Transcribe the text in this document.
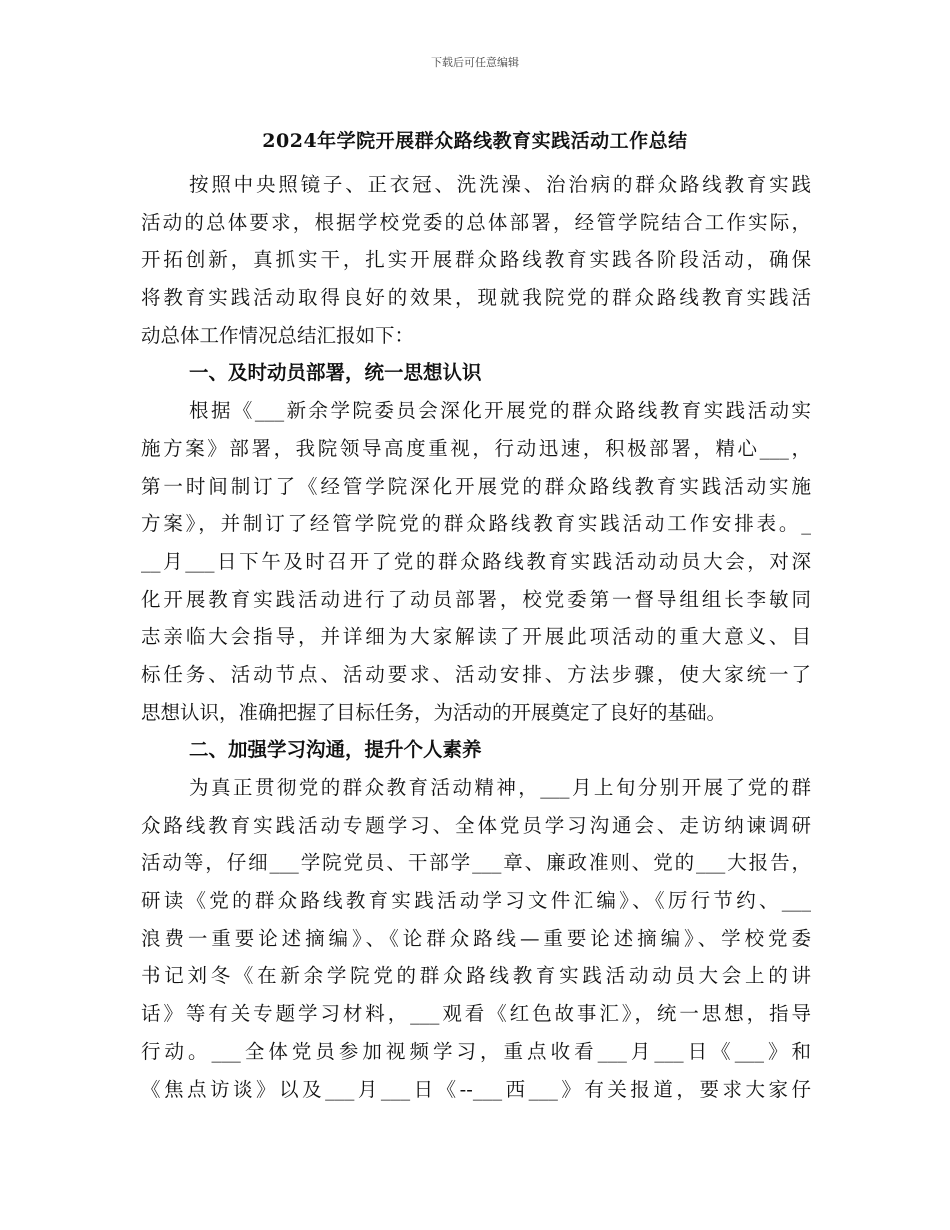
下载后可任意编辑
2024年学院开展群众路线教育实践活动工作总结
按照中央照镜子、正衣冠、洗洗澡、治治病的群众路线教育实践
活动的总体要求，根据学校党委的总体部署，经管学院结合工作实际，
开拓创新，真抓实干，扎实开展群众路线教育实践各阶段活动，确保
将教育实践活动取得良好的效果，现就我院党的群众路线教育实践活
动总体工作情况总结汇报如下：
一、及时动员部署，统一思想认识
根据《___新余学院委员会深化开展党的群众路线教育实践活动实
施方案》部署，我院领导高度重视，行动迅速，积极部署，精心___，
第一时间制订了《经管学院深化开展党的群众路线教育实践活动实施
方案》，并制订了经管学院党的群众路线教育实践活动工作安排表。_
__月___日下午及时召开了党的群众路线教育实践活动动员大会，对深
化开展教育实践活动进行了动员部署，校党委第一督导组组长李敏同
志亲临大会指导，并详细为大家解读了开展此项活动的重大意义、目
标任务、活动节点、活动要求、活动安排、方法步骤，使大家统一了
思想认识，准确把握了目标任务，为活动的开展奠定了良好的基础。
二、加强学习沟通，提升个人素养
为真正贯彻党的群众教育活动精神，___月上旬分别开展了党的群
众路线教育实践活动专题学习、全体党员学习沟通会、走访纳谏调研
活动等，仔细___学院党员、干部学___章、廉政准则、党的___大报告，
研读《党的群众路线教育实践活动学习文件汇编》、《厉行节约、___
浪费一重要论述摘编》、《论群众路线—重要论述摘编》、学校党委
书记刘冬《在新余学院党的群众路线教育实践活动动员大会上的讲
话》等有关专题学习材料，___观看《红色故事汇》，统一思想，指导
行动。___全体党员参加视频学习，重点收看___月___日《___》和
《焦点访谈》以及___月___日《--___西___》有关报道，要求大家仔
